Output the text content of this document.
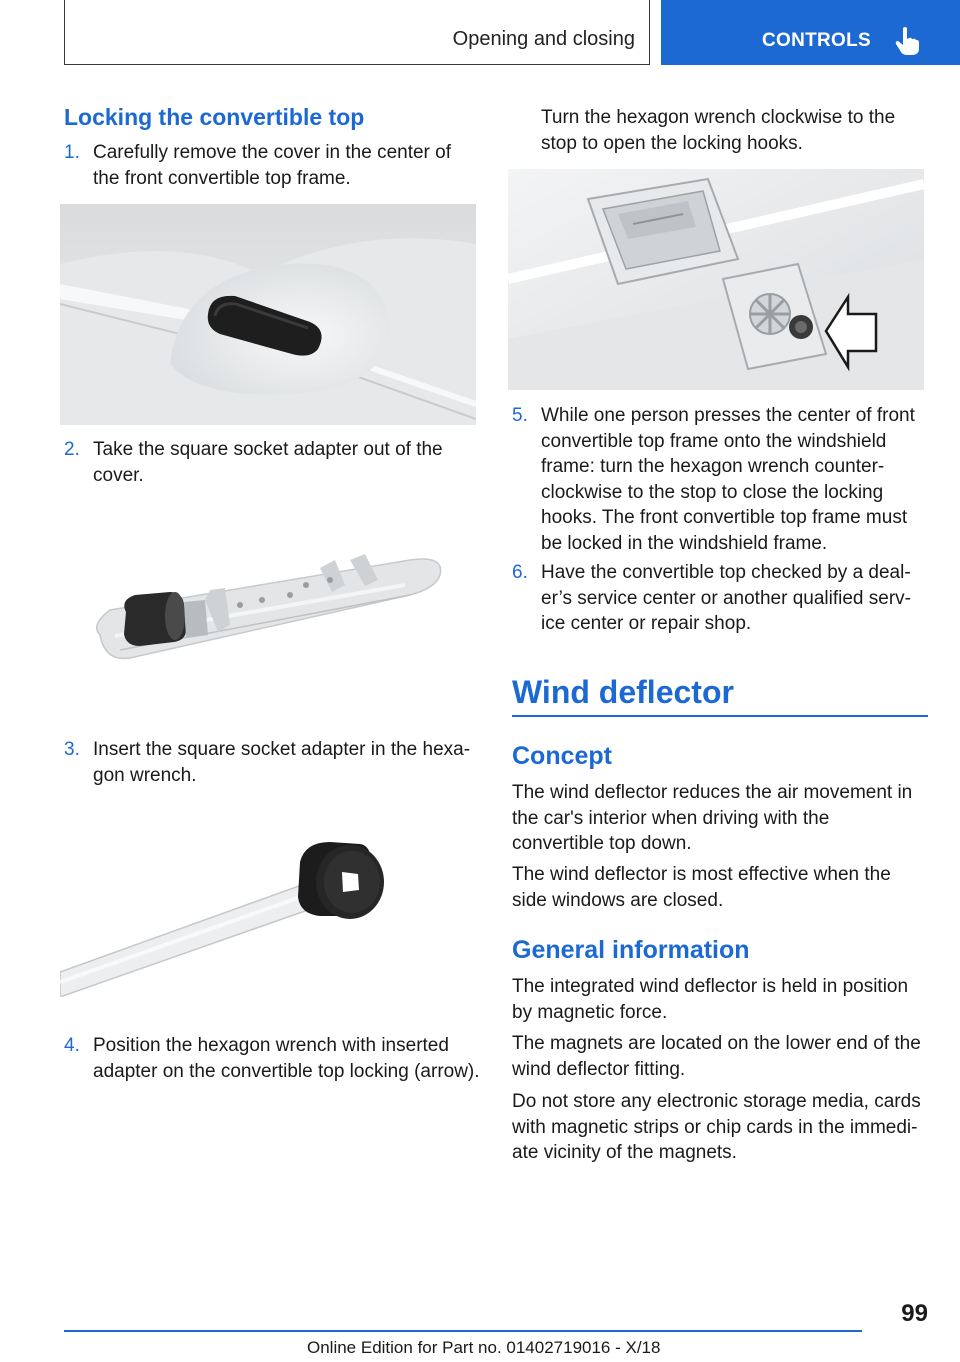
Opening and closing	CONTROLS
Locking the convertible top
1. Carefully remove the cover in the center of
the front convertible top frame.
2. Take the square socket adapter out of the
cover.
3. Insert the square socket adapter in the hexa‐
gon wrench.
4. Position the hexagon wrench with inserted
adapter on the convertible top locking (arrow).
Turn the hexagon wrench clockwise to the
stop to open the locking hooks.
5. While one person presses the center of front
convertible top frame onto the windshield
frame: turn the hexagon wrench counter‐
clockwise to the stop to close the locking
hooks. The front convertible top frame must
be locked in the windshield frame.
6. Have the convertible top checked by a deal‐
er’s service center or another qualified serv‐
ice center or repair shop.
Wind deflector
Concept
The wind deflector reduces the air movement in
the car's interior when driving with the
convertible top down.
The wind deflector is most effective when the
side windows are closed.
General information
The integrated wind deflector is held in position
by magnetic force.
The magnets are located on the lower end of the
wind deflector fitting.
Do not store any electronic storage media, cards
with magnetic strips or chip cards in the immedi‐
ate vicinity of the magnets.
99
Online Edition for Part no. 01402719016 - X/18
